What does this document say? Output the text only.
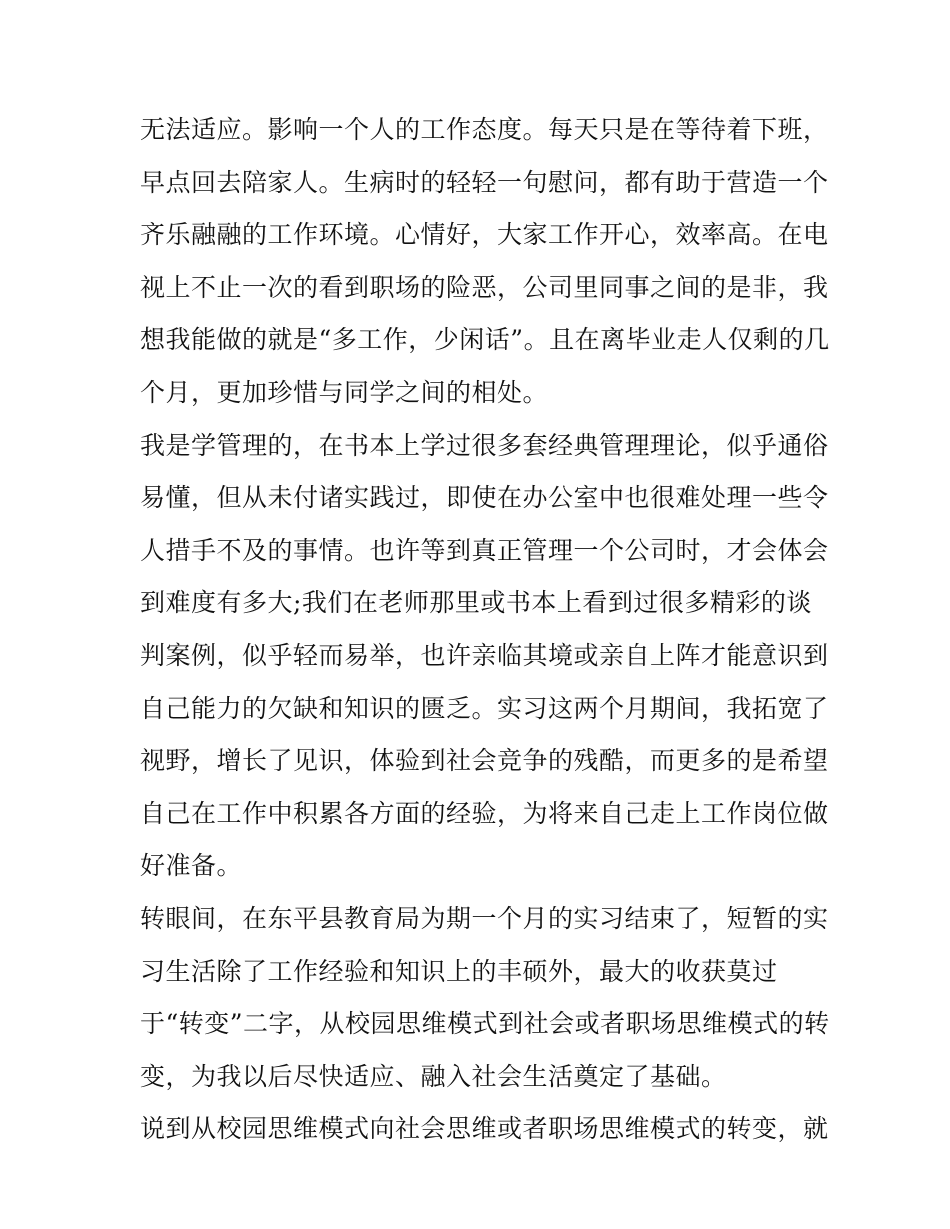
无法适应。影响一个人的工作态度。每天只是在等待着下班，
早点回去陪家人。生病时的轻轻一句慰问，都有助于营造一个
齐乐融融的工作环境。心情好，大家工作开心，效率高。在电
视上不止一次的看到职场的险恶，公司里同事之间的是非，我
想我能做的就是“多工作，少闲话”。且在离毕业走人仅剩的几
个月，更加珍惜与同学之间的相处。
我是学管理的，在书本上学过很多套经典管理理论，似乎通俗
易懂，但从未付诸实践过，即使在办公室中也很难处理一些令
人措手不及的事情。也许等到真正管理一个公司时，才会体会
到难度有多大;我们在老师那里或书本上看到过很多精彩的谈
判案例，似乎轻而易举，也许亲临其境或亲自上阵才能意识到
自己能力的欠缺和知识的匮乏。实习这两个月期间，我拓宽了
视野，增长了见识，体验到社会竞争的残酷，而更多的是希望
自己在工作中积累各方面的经验，为将来自己走上工作岗位做
好准备。
转眼间，在东平县教育局为期一个月的实习结束了，短暂的实
习生活除了工作经验和知识上的丰硕外，最大的收获莫过
于“转变”二字，从校园思维模式到社会或者职场思维模式的转
变，为我以后尽快适应、融入社会生活奠定了基础。
说到从校园思维模式向社会思维或者职场思维模式的转变，就
